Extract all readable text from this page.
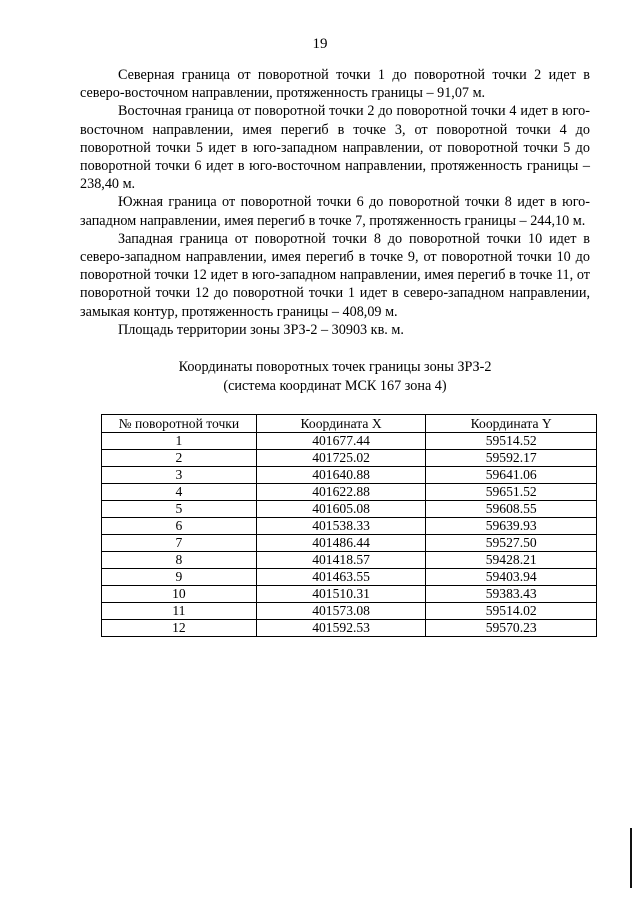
19

Северная граница от поворотной точки 1 до поворотной точки 2 идет в северо-восточном направлении, протяженность границы – 91,07 м.

Восточная граница от поворотной точки 2 до поворотной точки 4 идет в юго-восточном направлении, имея перегиб в точке 3, от поворотной точки 4 до поворотной точки 5 идет в юго-западном направлении, от поворотной точки 5 до поворотной точки 6 идет в юго-восточном направлении, протяженность границы – 238,40 м.

Южная граница от поворотной точки 6 до поворотной точки 8 идет в юго-западном направлении, имея перегиб в точке 7, протяженность границы – 244,10 м.

Западная граница от поворотной точки 8 до поворотной точки 10 идет в северо-западном направлении, имея перегиб в точке 9, от поворотной точки 10 до поворотной точки 12 идет в юго-западном направлении, имея перегиб в точке 11, от поворотной точки 12 до поворотной точки 1 идет в северо-западном направлении, замыкая контур, протяженность границы – 408,09 м.

Площадь территории зоны ЗРЗ-2 – 30903 кв. м.

Координаты поворотных точек границы зоны ЗРЗ-2
(система координат МСК 167 зона 4)
№ поворотной точки	Координата X	Координата Y
1	401677.44	59514.52
2	401725.02	59592.17
3	401640.88	59641.06
4	401622.88	59651.52
5	401605.08	59608.55
6	401538.33	59639.93
7	401486.44	59527.50
8	401418.57	59428.21
9	401463.55	59403.94
10	401510.31	59383.43
11	401573.08	59514.02
12	401592.53	59570.23
